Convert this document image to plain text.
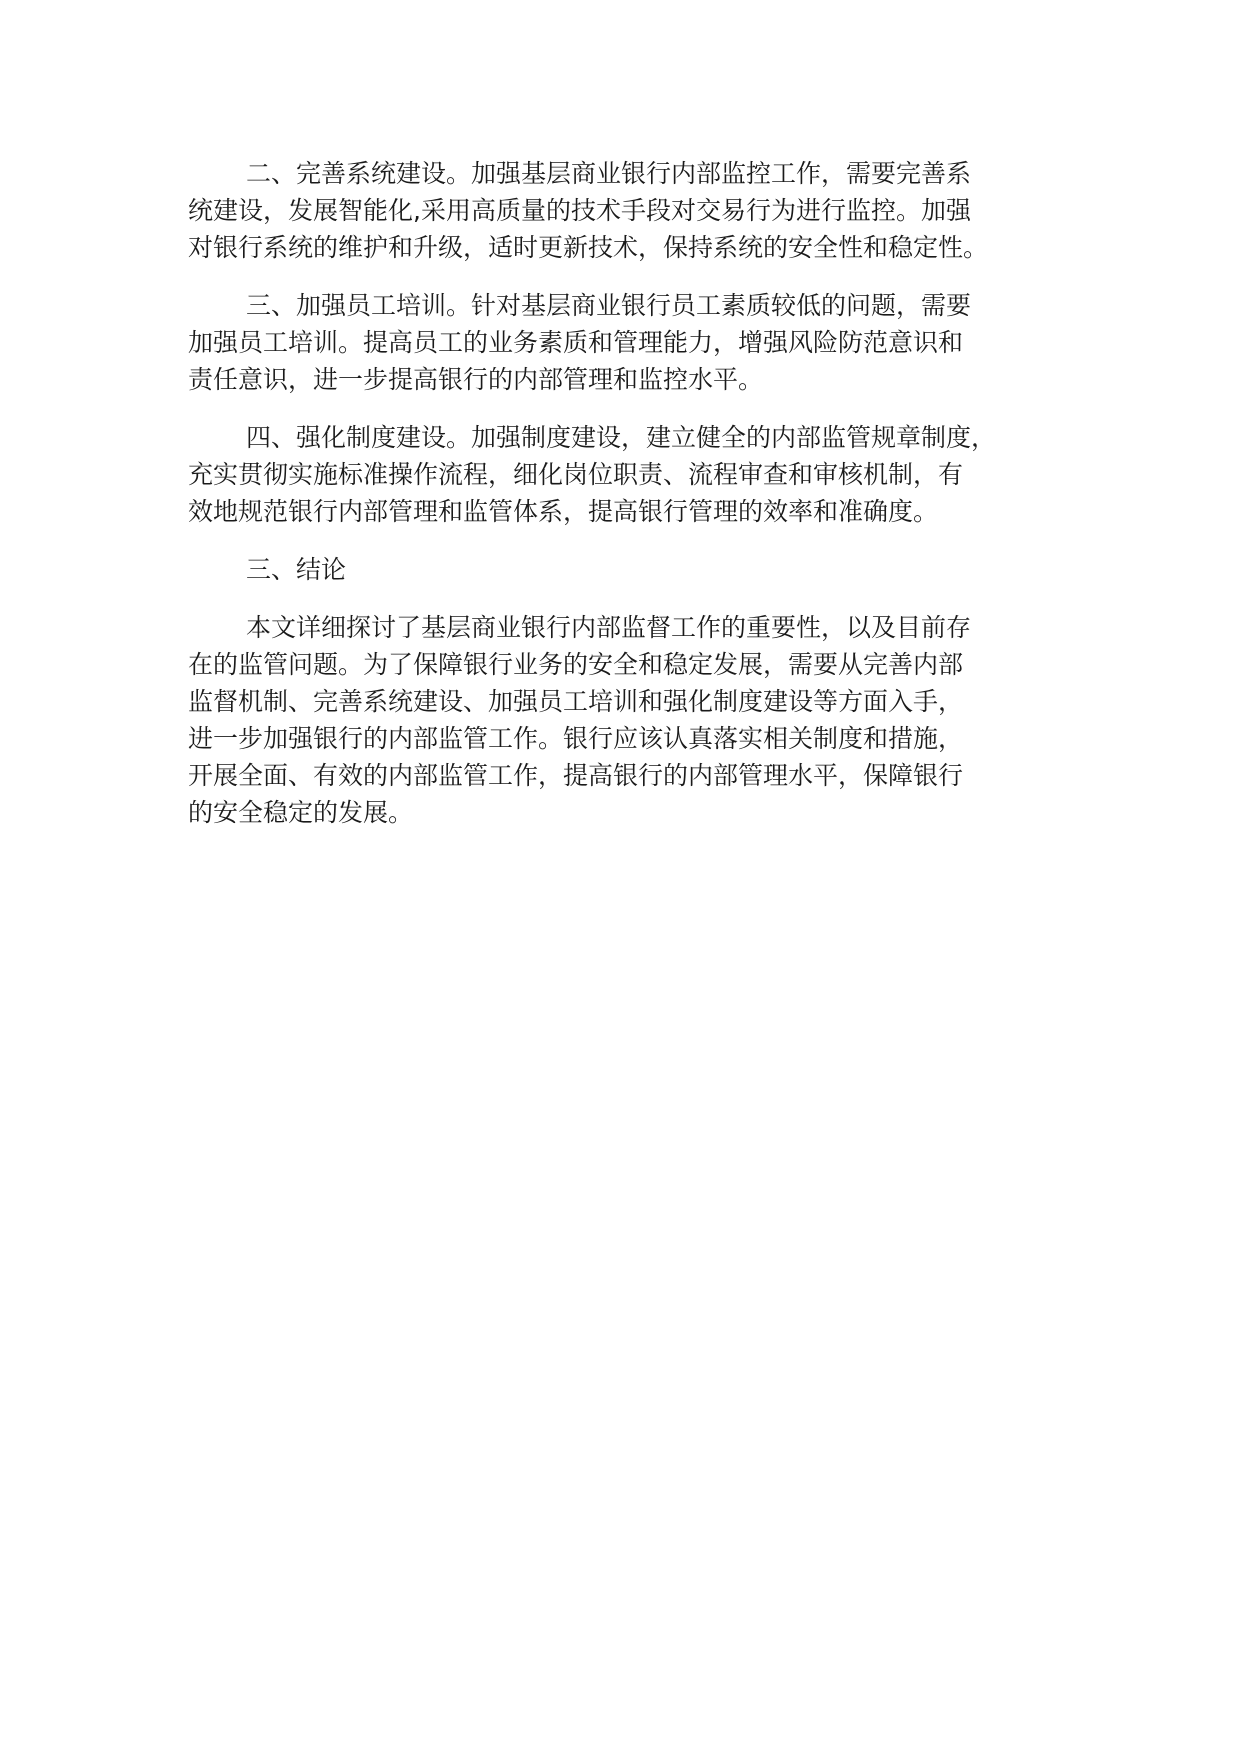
二、完善系统建设。加强基层商业银行内部监控工作，需要完善系
统建设，发展智能化,采用高质量的技术手段对交易行为进行监控。加强
对银行系统的维护和升级，适时更新技术，保持系统的安全性和稳定性。
三、加强员工培训。针对基层商业银行员工素质较低的问题，需要
加强员工培训。提高员工的业务素质和管理能力，增强风险防范意识和
责任意识，进一步提高银行的内部管理和监控水平。
四、强化制度建设。加强制度建设，建立健全的内部监管规章制度，
充实贯彻实施标准操作流程，细化岗位职责、流程审查和审核机制，有
效地规范银行内部管理和监管体系，提高银行管理的效率和准确度。
三、结论
本文详细探讨了基层商业银行内部监督工作的重要性，以及目前存
在的监管问题。为了保障银行业务的安全和稳定发展，需要从完善内部
监督机制、完善系统建设、加强员工培训和强化制度建设等方面入手，
进一步加强银行的内部监管工作。银行应该认真落实相关制度和措施，
开展全面、有效的内部监管工作，提高银行的内部管理水平，保障银行
的安全稳定的发展。
